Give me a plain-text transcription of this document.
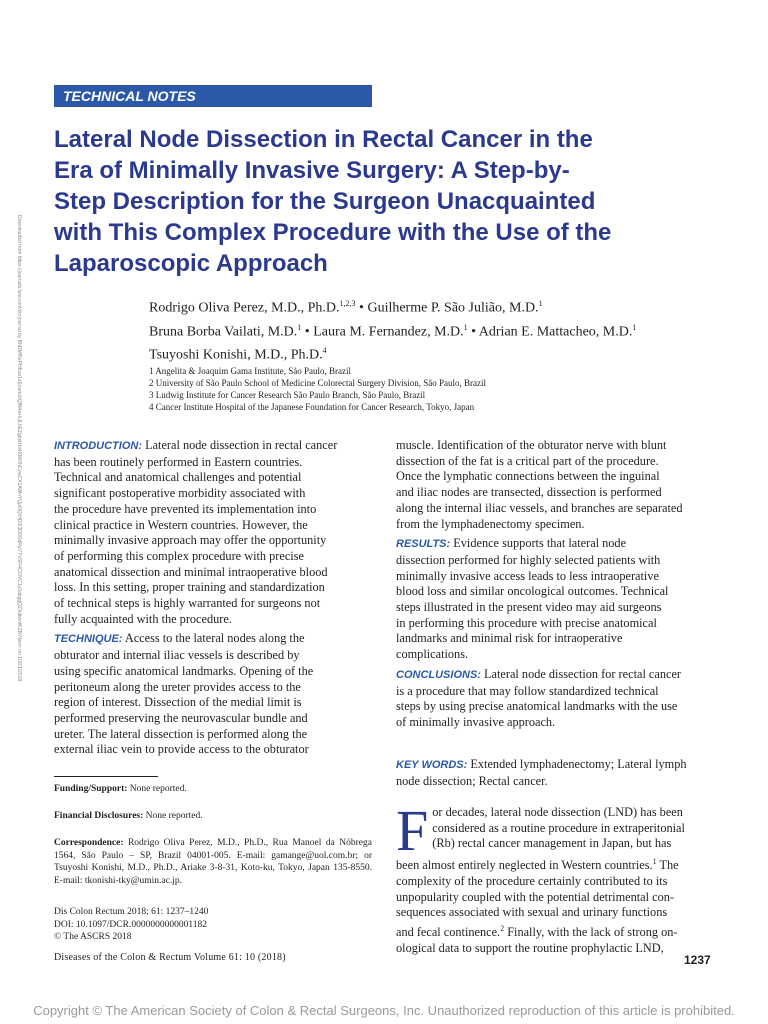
TECHNICAL NOTES
Lateral Node Dissection in Rectal Cancer in the
Era of Minimally Invasive Surgery: A Step-by-
Step Description for the Surgeon Unacquainted
with This Complex Procedure with the Use of the
Laparoscopic Approach
Rodrigo Oliva Perez, M.D., Ph.D.$^{1,2,3}$ • Guilherme P. São Julião, M.D.$^1$
Bruna Borba Vailati, M.D.$^1$ • Laura M. Fernandez, M.D.$^1$ • Adrian E. Mattacheo, M.D.$^1$
Tsuyoshi Konishi, M.D., Ph.D.$^4$
1 Angelita & Joaquim Gama Institute, São Paulo, Brazil
2 University of São Paulo School of Medicine Colorectal Surgery Division, São Paulo, Brazil
3 Ludwig Institute for Cancer Research São Paulo Branch, São Paulo, Brazil
4 Cancer Institute Hospital of the Japanese Foundation for Cancer Research, Tokyo, Japan
Downloaded from https://journals.lww.com/dcrjournal by BhDMf5ePHKav1zEoum1tQfN4a+kJLhEZgbsIHo4XMi0hCywCX1AWnYQp/IlQrHD3i3D0OdRyi7TvSFl4Cf3VC1y0abggQZXdtwnfKZBYtws= on 10/21/2018	INTRODUCTION: Lateral node dissection in rectal cancer
has been routinely performed in Eastern countries.
Technical and anatomical challenges and potential
significant postoperative morbidity associated with
the procedure have prevented its implementation into
clinical practice in Western countries. However, the
minimally invasive approach may offer the opportunity
of performing this complex procedure with precise
anatomical dissection and minimal intraoperative blood
loss. In this setting, proper training and standardization
of technical steps is highly warranted for surgeons not
fully acquainted with the procedure.

TECHNIQUE: Access to the lateral nodes along the
obturator and internal iliac vessels is described by
using specific anatomical landmarks. Opening of the
peritoneum along the ureter provides access to the
region of interest. Dissection of the medial limit is
performed preserving the neurovascular bundle and
ureter. The lateral dissection is performed along the
external iliac vein to provide access to the obturator

muscle. Identification of the obturator nerve with blunt
dissection of the fat is a critical part of the procedure.
Once the lymphatic connections between the inguinal
and iliac nodes are transected, dissection is performed
along the internal iliac vessels, and branches are separated
from the lymphadenectomy specimen.

RESULTS: Evidence supports that lateral node
dissection performed for highly selected patients with
minimally invasive access leads to less intraoperative
blood loss and similar oncological outcomes. Technical
steps illustrated in the present video may aid surgeons
in performing this procedure with precise anatomical
landmarks and minimal risk for intraoperative
complications.

CONCLUSIONS: Lateral node dissection for rectal cancer
is a procedure that may follow standardized technical
steps by using precise anatomical landmarks with the use
of minimally invasive approach.

KEY WORDS: Extended lymphadenectomy; Lateral lymph
node dissection; Rectal cancer.
F or decades, lateral node dissection (LND) has been
considered as a routine procedure in extraperitonial
(Rb) rectal cancer management in Japan, but has
been almost entirely neglected in Western countries.$^1$ The
complexity of the procedure certainly contributed to its
unpopularity coupled with the potential detrimental con-
sequences associated with sexual and urinary functions
and fecal continence.$^2$ Finally, with the lack of strong on-
ological data to support the routine prophylactic LND,
Funding/Support: None reported.
Financial Disclosures: None reported.
Correspondence: Rodrigo Oliva Perez, M.D., Ph.D., Rua Manoel da Nóbrega 1564, São Paulo – SP, Brazil 04001-005. E-mail: gamange@uol.com.br; or Tsuyoshi Konishi, M.D., Ph.D., Ariake 3-8-31, Koto-ku, Tokyo, Japan 135-8550. E-mail: tkonishi-tky@umin.ac.jp.
Dis Colon Rectum 2018; 61: 1237–1240
DOI: 10.1097/DCR.0000000000001182
© The ASCRS 2018
Diseases of the Colon & Rectum Volume 61: 10 (2018)	1237
Copyright © The American Society of Colon & Rectal Surgeons, Inc. Unauthorized reproduction of this article is prohibited.
